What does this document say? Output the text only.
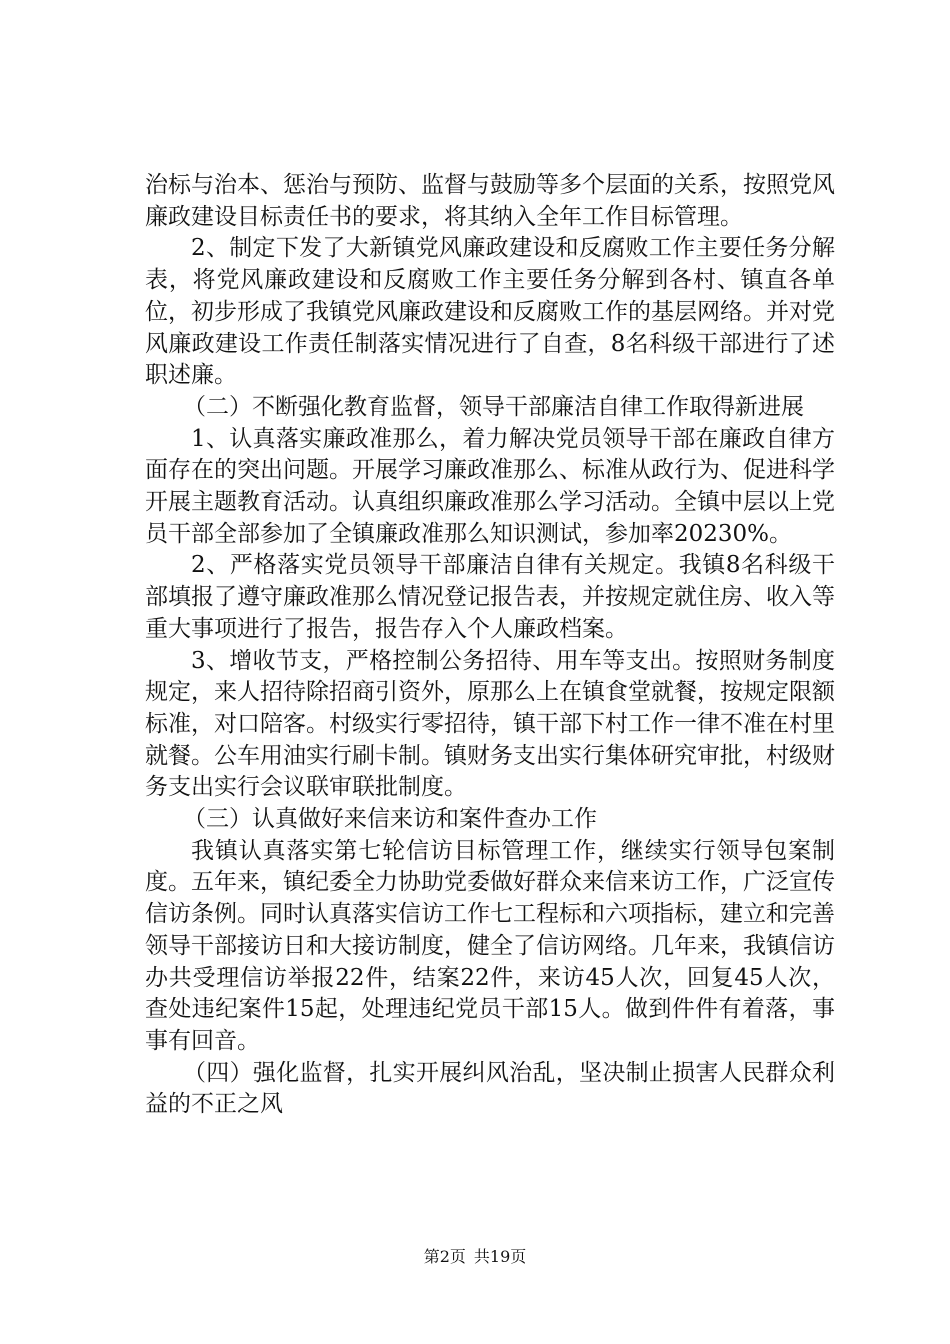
治标与治本、惩治与预防、监督与鼓励等多个层面的关系，按照党风廉政建设目标责任书的要求，将其纳入全年工作目标管理。

2、制定下发了大新镇党风廉政建设和反腐败工作主要任务分解表，将党风廉政建设和反腐败工作主要任务分解到各村、镇直各单位，初步形成了我镇党风廉政建设和反腐败工作的基层网络。并对党风廉政建设工作责任制落实情况进行了自查，8名科级干部进行了述职述廉。

（二）不断强化教育监督，领导干部廉洁自律工作取得新进展

1、认真落实廉政准那么，着力解决党员领导干部在廉政自律方面存在的突出问题。开展学习廉政准那么、标准从政行为、促进科学开展主题教育活动。认真组织廉政准那么学习活动。全镇中层以上党员干部全部参加了全镇廉政准那么知识测试，参加率20230%。

2、严格落实党员领导干部廉洁自律有关规定。我镇8名科级干部填报了遵守廉政准那么情况登记报告表，并按规定就住房、收入等重大事项进行了报告，报告存入个人廉政档案。

3、增收节支，严格控制公务招待、用车等支出。按照财务制度规定，来人招待除招商引资外，原那么上在镇食堂就餐，按规定限额标准，对口陪客。村级实行零招待，镇干部下村工作一律不准在村里就餐。公车用油实行刷卡制。镇财务支出实行集体研究审批，村级财务支出实行会议联审联批制度。

（三）认真做好来信来访和案件查办工作

我镇认真落实第七轮信访目标管理工作，继续实行领导包案制度。五年来，镇纪委全力协助党委做好群众来信来访工作，广泛宣传信访条例。同时认真落实信访工作七工程标和六项指标，建立和完善领导干部接访日和大接访制度，健全了信访网络。几年来，我镇信访办共受理信访举报22件，结案22件，来访45人次，回复45人次，查处违纪案件15起，处理违纪党员干部15人。做到件件有着落，事事有回音。

（四）强化监督，扎实开展纠风治乱，坚决制止损害人民群众利益的不正之风

第2页 共19页
